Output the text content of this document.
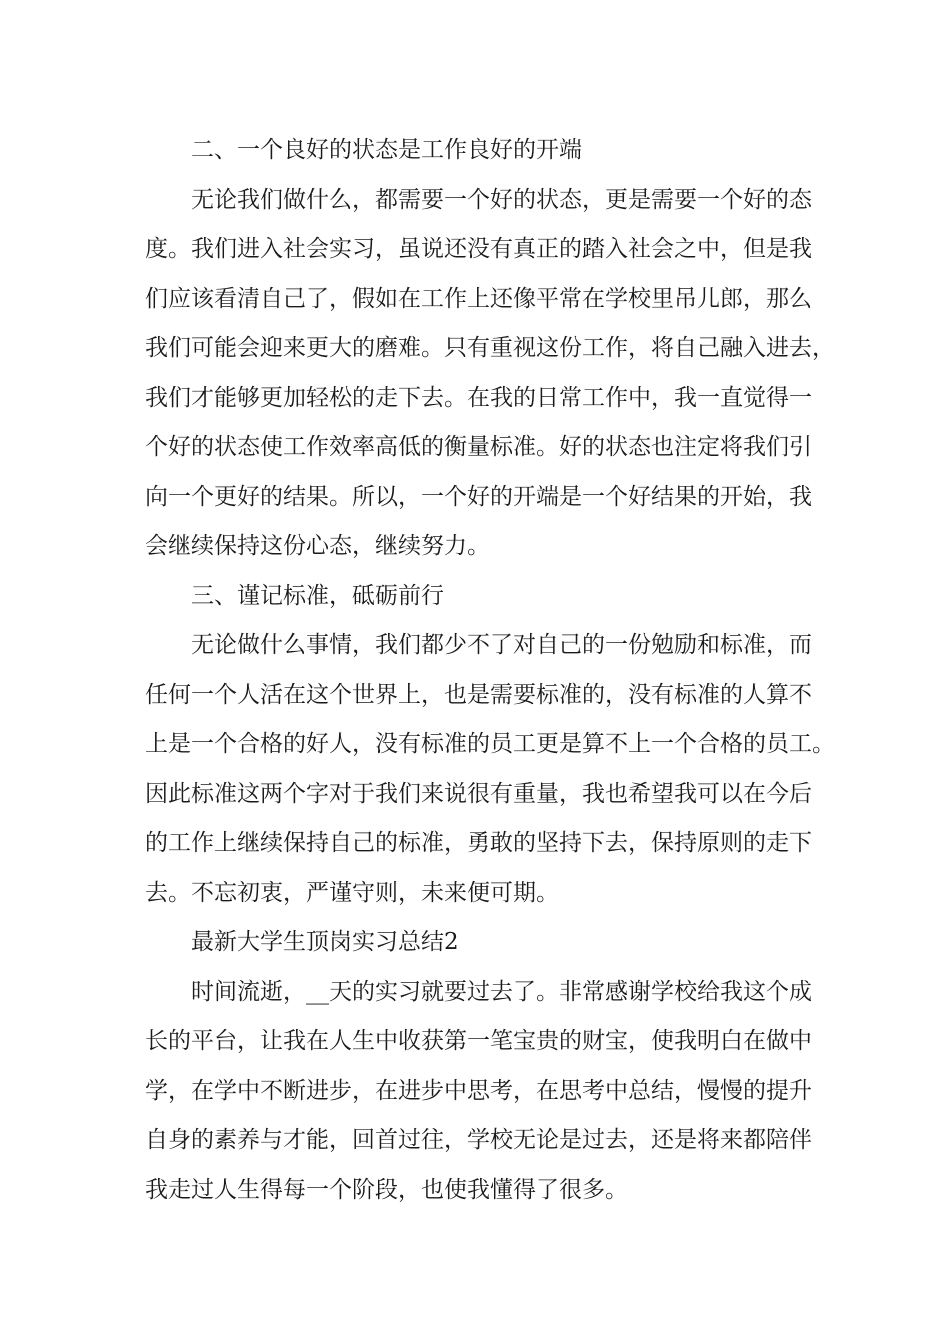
二、一个良好的状态是工作良好的开端
无论我们做什么，都需要一个好的状态，更是需要一个好的态
度。我们进入社会实习，虽说还没有真正的踏入社会之中，但是我
们应该看清自己了，假如在工作上还像平常在学校里吊儿郎，那么
我们可能会迎来更大的磨难。只有重视这份工作，将自己融入进去，
我们才能够更加轻松的走下去。在我的日常工作中，我一直觉得一
个好的状态使工作效率高低的衡量标准。好的状态也注定将我们引
向一个更好的结果。所以，一个好的开端是一个好结果的开始，我
会继续保持这份心态，继续努力。
三、谨记标准，砥砺前行
无论做什么事情，我们都少不了对自己的一份勉励和标准，而
任何一个人活在这个世界上，也是需要标准的，没有标准的人算不
上是一个合格的好人，没有标准的员工更是算不上一个合格的员工。
因此标准这两个字对于我们来说很有重量，我也希望我可以在今后
的工作上继续保持自己的标准，勇敢的坚持下去，保持原则的走下
去。不忘初衷，严谨守则，未来便可期。
最新大学生顶岗实习总结2
时间流逝，__天的实习就要过去了。非常感谢学校给我这个成
长的平台，让我在人生中收获第一笔宝贵的财宝，使我明白在做中
学，在学中不断进步，在进步中思考，在思考中总结，慢慢的提升
自身的素养与才能，回首过往，学校无论是过去，还是将来都陪伴
我走过人生得每一个阶段，也使我懂得了很多。
